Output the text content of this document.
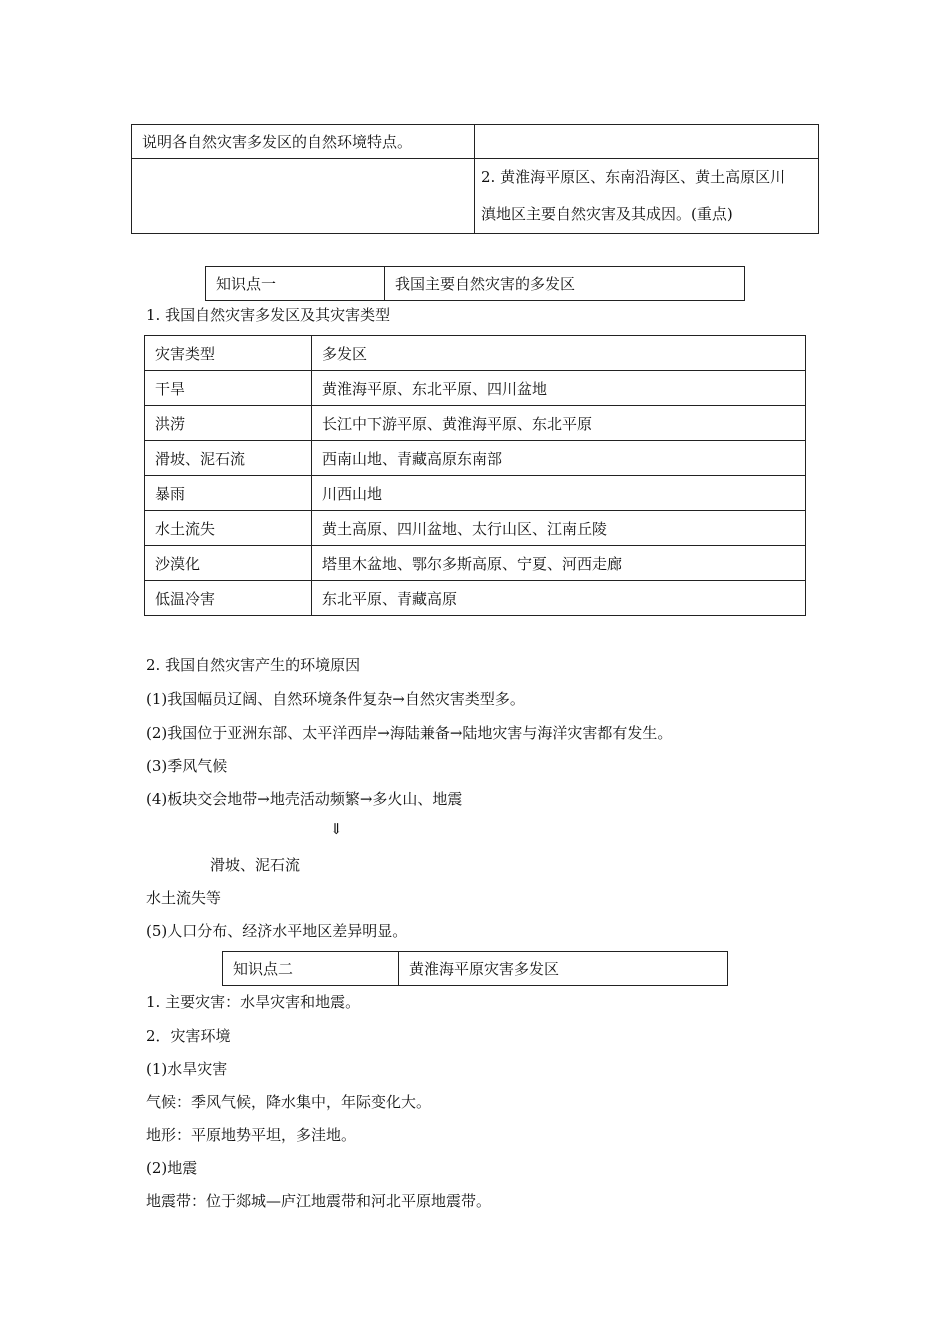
说明各自然灾害多发区的自然环境特点。	

	2. 黄淮海平原区、东南沿海区、黄土高原区川
滇地区主要自然灾害及其成因。(重点)
知识点一	我国主要自然灾害的多发区
1. 我国自然灾害多发区及其灾害类型
灾害类型	多发区
干旱	黄淮海平原、东北平原、四川盆地
洪涝	长江中下游平原、黄淮海平原、东北平原
滑坡、泥石流	西南山地、青藏高原东南部
暴雨	川西山地
水土流失	黄土高原、四川盆地、太行山区、江南丘陵
沙漠化	塔里木盆地、鄂尔多斯高原、宁夏、河西走廊
低温冷害	东北平原、青藏高原
2. 我国自然灾害产生的环境原因
(1)我国幅员辽阔、自然环境条件复杂→自然灾害类型多。
(2)我国位于亚洲东部、太平洋西岸→海陆兼备→陆地灾害与海洋灾害都有发生。
(3)季风气候
(4)板块交会地带→地壳活动频繁→多火山、地震
⇓
滑坡、泥石流
水土流失等
(5)人口分布、经济水平地区差异明显。
知识点二	黄淮海平原灾害多发区
1. 主要灾害：水旱灾害和地震。
2．灾害环境
(1)水旱灾害
气候：季风气候，降水集中，年际变化大。
地形：平原地势平坦，多洼地。
(2)地震
地震带：位于郯城—庐江地震带和河北平原地震带。
